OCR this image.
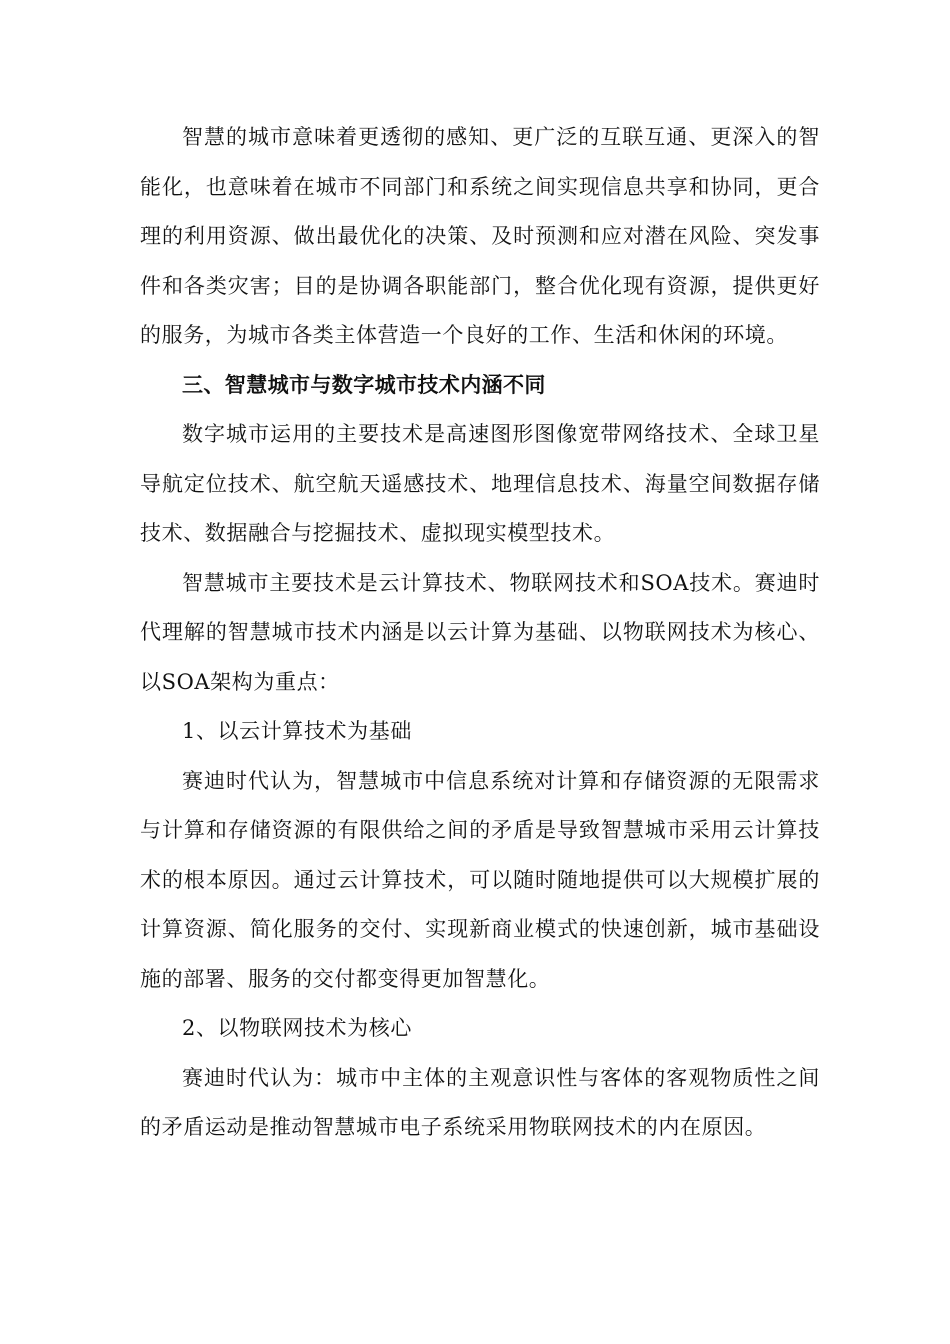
智慧的城市意味着更透彻的感知、更广泛的互联互通、更深入的智能化，也意味着在城市不同部门和系统之间实现信息共享和协同，更合理的利用资源、做出最优化的决策、及时预测和应对潜在风险、突发事件和各类灾害；目的是协调各职能部门，整合优化现有资源，提供更好的服务，为城市各类主体营造一个良好的工作、生活和休闲的环境。

三、智慧城市与数字城市技术内涵不同

数字城市运用的主要技术是高速图形图像宽带网络技术、全球卫星导航定位技术、航空航天遥感技术、地理信息技术、海量空间数据存储技术、数据融合与挖掘技术、虚拟现实模型技术。

智慧城市主要技术是云计算技术、物联网技术和SOA技术。赛迪时代理解的智慧城市技术内涵是以云计算为基础、以物联网技术为核心、以SOA架构为重点：

1、以云计算技术为基础

赛迪时代认为，智慧城市中信息系统对计算和存储资源的无限需求与计算和存储资源的有限供给之间的矛盾是导致智慧城市采用云计算技术的根本原因。通过云计算技术，可以随时随地提供可以大规模扩展的计算资源、简化服务的交付、实现新商业模式的快速创新，城市基础设施的部署、服务的交付都变得更加智慧化。

2、以物联网技术为核心

赛迪时代认为：城市中主体的主观意识性与客体的客观物质性之间的矛盾运动是推动智慧城市电子系统采用物联网技术的内在原因。
